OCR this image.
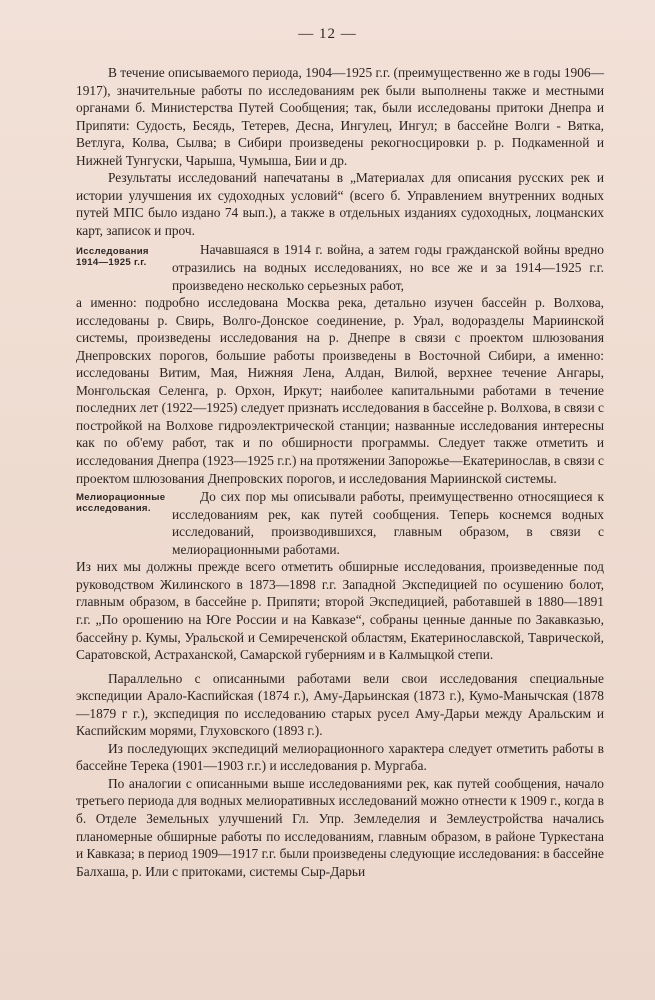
— 12 —

В течение описываемого периода, 1904—1925 г.г. (преимущественно же в годы 1906—1917), значительные работы по исследованиям рек были выполнены также и местными органами б. Министерства Путей Сообщения; так, были исследованы притоки Днепра и Припяти: Судость, Бесядь, Тетерев, Десна, Ингулец, Ингул; в бассейне Волги - Вятка, Ветлуга, Колва, Сылва; в Сибири произведены рекогносцировки р. р. Подкаменной и Нижней Тунгуски, Чарыша, Чумыша, Бии и др.

Результаты исследований напечатаны в „Материалах для описания русских рек и истории улучшения их судоходных условий“ (всего б. Управлением внутренних водных путей МПС было издано 74 вып.), а также в отдельных изданиях судоходных, лоцманских карт, записок и проч.

Исследования 1914—1925 г.г.

Начавшаяся в 1914 г. война, а затем годы гражданской войны вредно отразились на водных исследованиях, но все же и за 1914—1925 г.г. произведено несколько серьезных работ,

а именно: подробно исследована Москва река, детально изучен бассейн р. Волхова, исследованы р. Свирь, Волго-Донское соединение, р. Урал, водоразделы Мариинской системы, произведены исследования на р. Днепре в связи с проектом шлюзования Днепровских порогов, большие работы произведены в Восточной Сибири, а именно: исследованы Витим, Мая, Нижняя Лена, Алдан, Вилюй, верхнее течение Ангары, Монгольская Селенга, р. Орхон, Иркут; наиболее капитальными работами в течение последних лет (1922—1925) следует признать исследования в бассейне р. Волхова, в связи с постройкой на Волхове гидроэлектрической станции; названные исследования интересны как по об'ему работ, так и по обширности программы. Следует также отметить и исследования Днепра (1923—1925 г.г.) на протяжении Запорожье—Екатеринослав, в связи с проектом шлюзования Днепровских порогов, и исследования Мариинской системы.

Мелиорационные исследования.

До сих пор мы описывали работы, преимущественно относящиеся к исследованиям рек, как путей сообщения. Теперь коснемся водных исследований, производившихся, главным образом, в связи с мелиорационными работами.

Из них мы должны прежде всего отметить обширные исследования, произведенные под руководством Жилинского в 1873—1898 г.г. Западной Экспедицией по осушению болот, главным образом, в бассейне р. Припяти; второй Экспедицией, работавшей в 1880—1891 г.г. „По орошению на Юге России и на Кавказе“, собраны ценные данные по Закавказью, бассейну р. Кумы, Уральской и Семиреченской областям, Екатеринославской, Таврической, Саратовской, Астраханской, Самарской губерниям и в Калмыцкой степи.

Параллельно с описанными работами вели свои исследования специальные экспедиции Арало-Каспийская (1874 г.), Аму-Дарьинская (1873 г.), Кумо-Манычская (1878—1879 г г.), экспедиция по исследованию старых русел Аму-Дарьи между Аральским и Каспийским морями, Глуховского (1893 г.).

Из последующих экспедиций мелиорационного характера следует отметить работы в бассейне Терека (1901—1903 г.г.) и исследования р. Мургаба.

По аналогии с описанными выше исследованиями рек, как путей сообщения, начало третьего периода для водных мелиоративных исследований можно отнести к 1909 г., когда в б. Отделе Земельных улучшений Гл. Упр. Земледелия и Землеустройства начались планомерные обширные работы по исследованиям, главным образом, в районе Туркестана и Кавказа; в период 1909—1917 г.г. были произведены следующие исследования: в бассейне Балхаша, р. Или с притоками, системы Сыр-Дарьи
